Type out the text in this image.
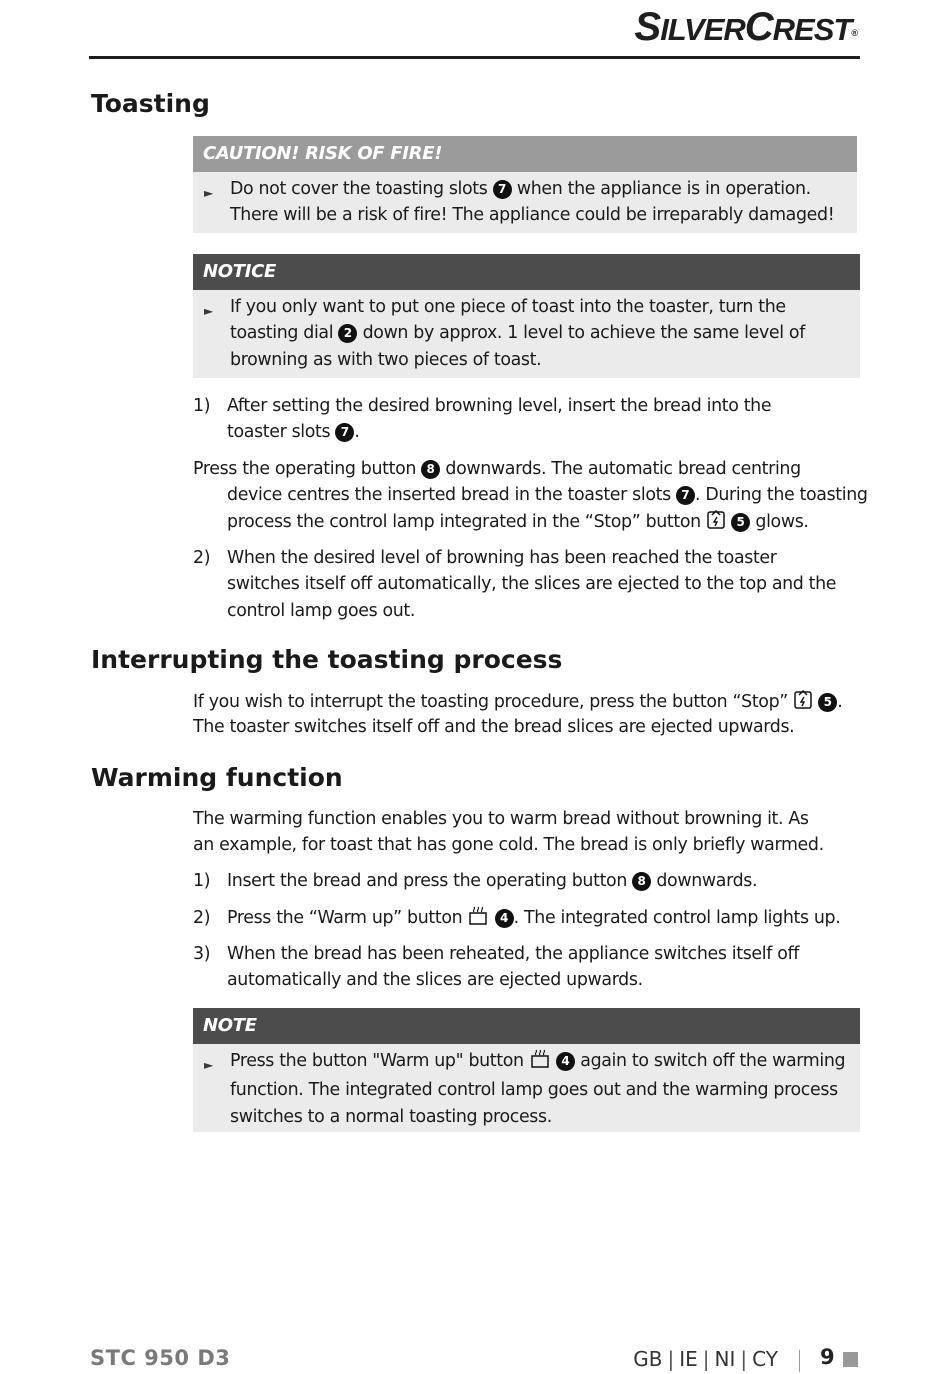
SILVERCREST®
Toasting
CAUTION! RISK OF FIRE!
► Do not cover the toasting slots 7 when the appliance is in operation. There will be a risk of fire! The appliance could be irreparably damaged!
NOTICE
► If you only want to put one piece of toast into the toaster, turn the toasting dial 2 down by approx. 1 level to achieve the same level of browning as with two pieces of toast.
1) After setting the desired browning level, insert the bread into the toaster slots 7 .
Press the operating button 8 downwards. The automatic bread centring
device centres the inserted bread in the toaster slots 7 . During the toasting
process the control lamp integrated in the “Stop” button	5 glows.
2) When the desired level of browning has been reached the toaster switches itself off automatically, the slices are ejected to the top and the control lamp goes out.
Interrupting the toasting process
If you wish to interrupt the toasting procedure, press the button “Stop”	5 .
The toaster switches itself off and the bread slices are ejected upwards.
Warming function
The warming function enables you to warm bread without browning it. As
an example, for toast that has gone cold. The bread is only briefly warmed.
1) Insert the bread and press the operating button 8 downwards.
2) Press the “Warm up” button	4 . The integrated control lamp lights up.
3) When the bread has been reheated, the appliance switches itself off automatically and the slices are ejected upwards.
NOTE
► Press the button "Warm up" button	4 again to switch off the warming function. The integrated control lamp goes out and the warming process switches to a normal toasting process.
STC 950 D3	GB | IE | NI | CY 9
